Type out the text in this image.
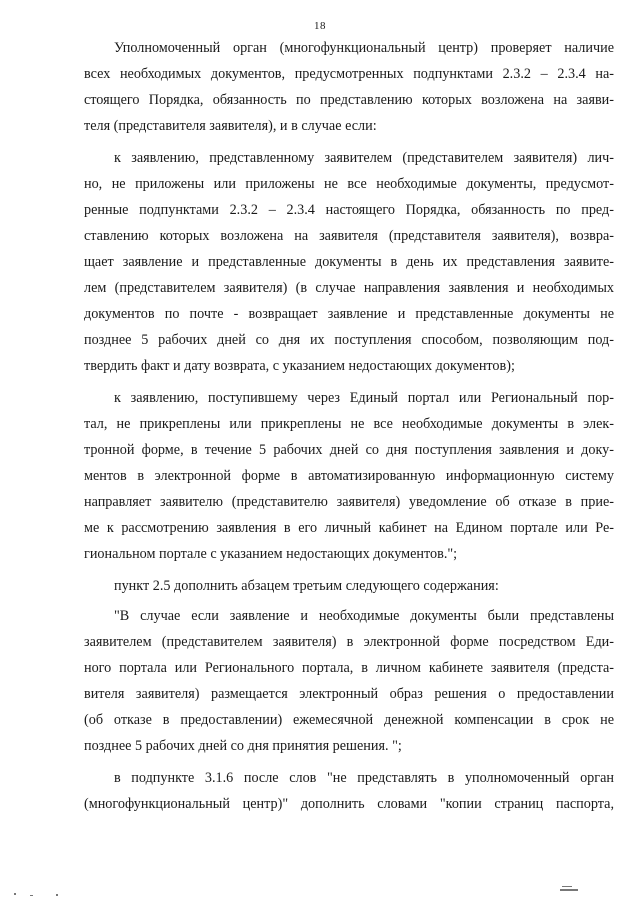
18
Уполномоченный орган (многофункциональный центр) проверяет наличие
всех необходимых документов, предусмотренных подпунктами 2.3.2 – 2.3.4 на-
стоящего Порядка, обязанность по представлению которых возложена на заяви-
теля (представителя заявителя), и в случае если:
к заявлению, представленному заявителем (представителем заявителя) лич-
но, не приложены или приложены не все необходимые документы, предусмот-
ренные подпунктами 2.3.2 – 2.3.4 настоящего Порядка, обязанность по пред-
ставлению которых возложена на заявителя (представителя заявителя), возвра-
щает заявление и представленные документы в день их представления заявите-
лем (представителем заявителя) (в случае направления заявления и необходимых
документов по почте - возвращает заявление и представленные документы не
позднее 5 рабочих дней со дня их поступления способом, позволяющим под-
твердить факт и дату возврата, с указанием недостающих документов);
к заявлению, поступившему через Единый портал или Региональный пор-
тал, не прикреплены или прикреплены не все необходимые документы в элек-
тронной форме, в течение 5 рабочих дней со дня поступления заявления и доку-
ментов в электронной форме в автоматизированную информационную систему
направляет заявителю (представителю заявителя) уведомление об отказе в прие-
ме к рассмотрению заявления в его личный кабинет на Едином портале или Ре-
гиональном портале с указанием недостающих документов.";
пункт 2.5 дополнить абзацем третьим следующего содержания:
"В случае если заявление и необходимые документы были представлены
заявителем (представителем заявителя) в электронной форме посредством Еди-
ного портала или Регионального портала, в личном кабинете заявителя (предста-
вителя заявителя) размещается электронный образ решения о предоставлении
(об отказе в предоставлении) ежемесячной денежной компенсации в срок не
позднее 5 рабочих дней со дня принятия решения. ";
в подпункте 3.1.6 после слов "не представлять в уполномоченный орган
(многофункциональный центр)" дополнить словами "копии страниц паспорта,
